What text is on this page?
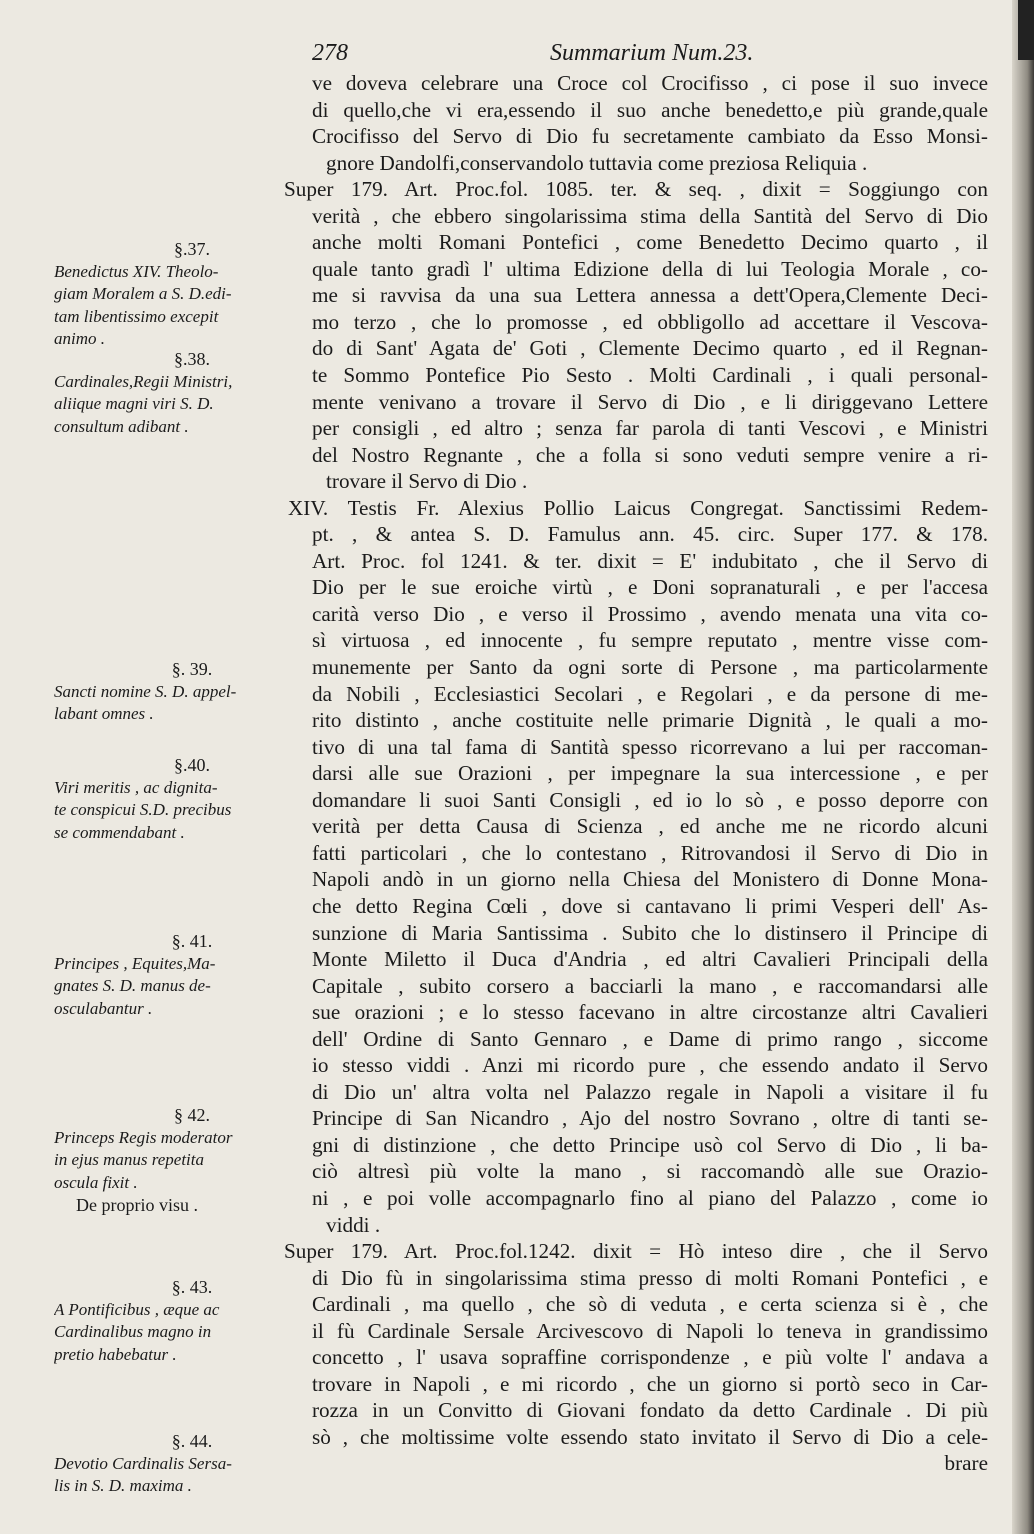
278	Summarium Num.23.
ve doveva celebrare una Croce col Crocifisso , ci pose il suo invece
di quello,che vi era,essendo il suo anche benedetto,e più grande,quale
Crocifisso del Servo di Dio fu secretamente cambiato da Esso Monsi-
gnore Dandolfi,conservandolo tuttavia come preziosa Reliquia .
Super 179. Art. Proc.fol. 1085. ter. & seq. , dixit = Soggiungo con
verità , che ebbero singolarissima stima della Santità del Servo di Dio
anche molti Romani Pontefici , come Benedetto Decimo quarto , il
quale tanto gradì l' ultima Edizione della di lui Teologia Morale , co-
me si ravvisa da una sua Lettera annessa a dett'Opera,Clemente Deci-
mo terzo , che lo promosse , ed obbligollo ad accettare il Vescova-
do di Sant' Agata de' Goti , Clemente Decimo quarto , ed il Regnan-
te Sommo Pontefice Pio Sesto . Molti Cardinali , i quali personal-
mente venivano a trovare il Servo di Dio , e li diriggevano Lettere
per consigli , ed altro ; senza far parola di tanti Vescovi , e Ministri
del Nostro Regnante , che a folla si sono veduti sempre venire a ri-
trovare il Servo di Dio .
XIV. Testis Fr. Alexius Pollio Laicus Congregat. Sanctissimi Redem-
pt. , & antea S. D. Famulus ann. 45. circ. Super 177. & 178.
Art. Proc. fol 1241. & ter. dixit = E' indubitato , che il Servo di
Dio per le sue eroiche virtù , e Doni sopranaturali , e per l'accesa
carità verso Dio , e verso il Prossimo , avendo menata una vita co-
sì virtuosa , ed innocente , fu sempre reputato , mentre visse com-
munemente per Santo da ogni sorte di Persone , ma particolarmente
da Nobili , Ecclesiastici Secolari , e Regolari , e da persone di me-
rito distinto , anche costituite nelle primarie Dignità , le quali a mo-
tivo di una tal fama di Santità spesso ricorrevano a lui per raccoman-
darsi alle sue Orazioni , per impegnare la sua intercessione , e per
domandare li suoi Santi Consigli , ed io lo sò , e posso deporre con
verità per detta Causa di Scienza , ed anche me ne ricordo alcuni
fatti particolari , che lo contestano , Ritrovandosi il Servo di Dio in
Napoli andò in un giorno nella Chiesa del Monistero di Donne Mona-
che detto Regina Cœli , dove si cantavano li primi Vesperi dell' As-
sunzione di Maria Santissima . Subito che lo distinsero il Principe di
Monte Miletto il Duca d'Andria , ed altri Cavalieri Principali della
Capitale , subito corsero a bacciarli la mano , e raccomandarsi alle
sue orazioni ; e lo stesso facevano in altre circostanze altri Cavalieri
dell' Ordine di Santo Gennaro , e Dame di primo rango , siccome
io stesso viddi . Anzi mi ricordo pure , che essendo andato il Servo
di Dio un' altra volta nel Palazzo regale in Napoli a visitare il fu
Principe di San Nicandro , Ajo del nostro Sovrano , oltre di tanti se-
gni di distinzione , che detto Principe usò col Servo di Dio , li ba-
ciò altresì più volte la mano , si raccomandò alle sue Orazio-
ni , e poi volle accompagnarlo fino al piano del Palazzo , come io
viddi .
Super 179. Art. Proc.fol.1242. dixit = Hò inteso dire , che il Servo
di Dio fù in singolarissima stima presso di molti Romani Pontefici , e
Cardinali , ma quello , che sò di veduta , e certa scienza si è , che
il fù Cardinale Sersale Arcivescovo di Napoli lo teneva in grandissimo
concetto , l' usava sopraffine corrispondenze , e più volte l' andava a
trovare in Napoli , e mi ricordo , che un giorno si portò seco in Car-
rozza in un Convitto di Giovani fondato da detto Cardinale . Di più
sò , che moltissime volte essendo stato invitato il Servo di Dio a cele-
brare
§.37.
Benedictus XIV. Theolo-
giam Moralem a S. D.edi-
tam libentissimo excepit
animo .
§.38.
Cardinales,Regii Ministri,
aliique magni viri S. D.
consultum adibant .
§. 39.
Sancti nomine S. D. appel-
labant omnes .
§.40.
Viri meritis , ac dignita-
te conspicui S.D. precibus
se commendabant .
§. 41.
Principes , Equites,Ma-
gnates S. D. manus de-
osculabantur .
§ 42.
Princeps Regis moderator
in ejus manus repetita
oscula fixit .
De proprio visu .
§. 43.
A Pontificibus , æque ac
Cardinalibus magno in
pretio habebatur .
§. 44.
Devotio Cardinalis Sersa-
lis in S. D. maxima .
